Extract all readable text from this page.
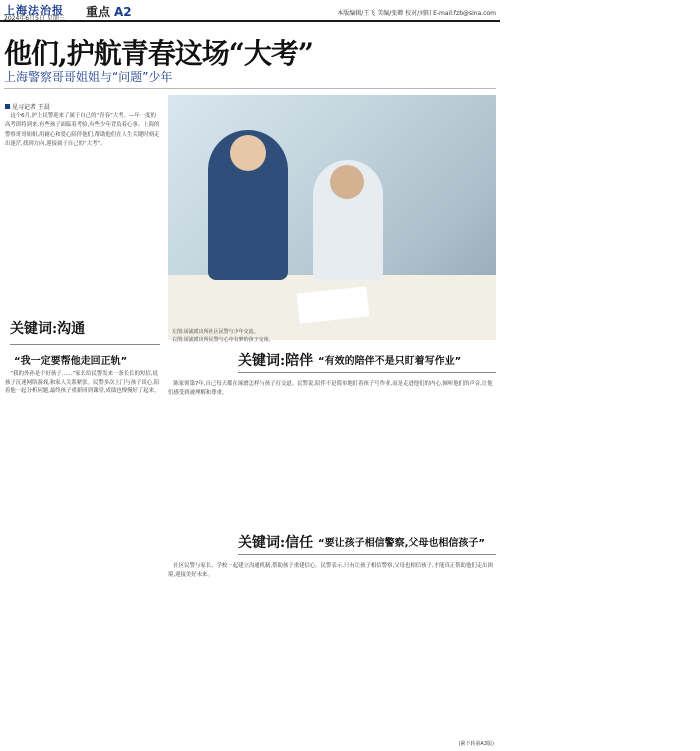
上海法治报
2024年6月5日 星期三 重点 A2	本版编辑/王飞 美编/张卿 校对/刘阳 E-mail:fzb@sina.com
他们,护航青春这场“大考”
上海警察哥哥姐姐与“问题”少年
见习记者 王晨
这个6月,护上民警迎来了属于自己的“青春”大考。—年一度的高考即将到来,有些孩子面临着考验,有些少年背负着心事。上海的警察哥哥姐姐,用耐心和爱心陪伴他们,帮助他们在人生关键时刻走出迷茫,找到方向,迎接属于自己的“大考”。
聚焦
左图:闵浦派出所社区民警与少年交流。
右图:闵浦派出所民警与心中有梦的孩子交谈。
关键词:沟通
“我一定要帮他走回正轨”
“我的外孙是个好孩子……”家长给民警发来一条长长的短信,说孩子沉迷网络游戏,和家人关系紧张。民警多次上门与孩子谈心,陪着他一起分析问题,最终孩子重新回到课堂,成绩也慢慢好了起来。
关键词:陪伴 “有效的陪伴不是只盯着写作业”
陈家领第7年,自己每天都在琢磨怎样与孩子打交道。民警说,陪伴不是简单地盯着孩子写作业,而是走进他们的内心,倾听他们的声音,让他们感受到被理解和尊重。
关键词:信任 “要让孩子相信警察,父母也相信孩子”
社区民警与家长、学校一起建立沟通机制,帮助孩子重建信心。民警表示,只有让孩子相信警察,父母也相信孩子,才能真正帮助他们走出困境,迎接美好未来。
(紧下转第A3版)
